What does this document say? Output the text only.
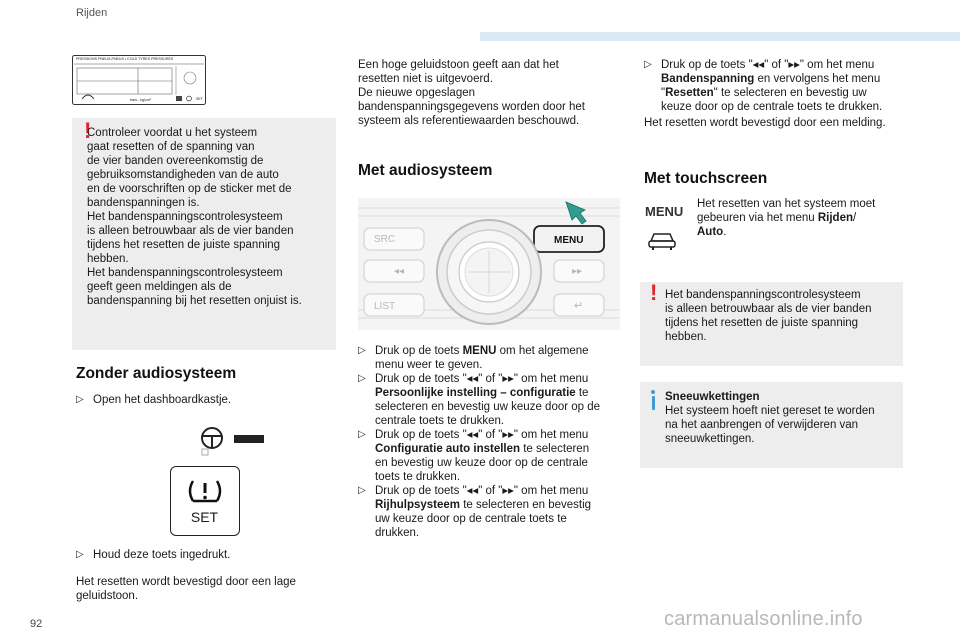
Rijden
92	carmanualsonline.info
PRESSIONS PNEUS-PNEUS • COLD TYRES PRESSURES
bars - kg/cm²	SET
!
Controleer voordat u het systeem
gaat resetten of de spanning van
de vier banden overeenkomstig de
gebruiksomstandigheden van de auto
en de voorschriften op de sticker met de
bandenspanningen is.
Het bandenspanningscontrolesysteem
is alleen betrouwbaar als de vier banden
tijdens het resetten de juiste spanning
hebben.
Het bandenspanningscontrolesysteem
geeft geen meldingen als de
bandenspanning bij het resetten onjuist is.
Zonder audiosysteem
▷ Open het dashboardkastje.
SET
▷ Houd deze toets ingedrukt.
Het resetten wordt bevestigd door een lage
geluidstoon.
Een hoge geluidstoon geeft aan dat het
resetten niet is uitgevoerd.
De nieuwe opgeslagen
bandenspanningsgegevens worden door het
systeem als referentiewaarden beschouwd.
Met audiosysteem
SRC	MENU
LIST
◂◂	▸▸
↵
▷ Druk op de toets MENU om het algemene
menu weer te geven.
▷ Druk op de toets "◂◂" of "▸▸" om het menu
Persoonlijke instelling – configuratie te
selecteren en bevestig uw keuze door op de
centrale toets te drukken.
▷ Druk op de toets "◂◂" of "▸▸" om het menu
Configuratie auto instellen te selecteren
en bevestig uw keuze door op de centrale
toets te drukken.
▷ Druk op de toets "◂◂" of "▸▸" om het menu
Rijhulpsysteem te selecteren en bevestig
uw keuze door op de centrale toets te
drukken.
▷ Druk op de toets "◂◂" of "▸▸" om het menu
Bandenspanning en vervolgens het menu
"Resetten" te selecteren en bevestig uw
keuze door op de centrale toets te drukken.
Het resetten wordt bevestigd door een melding.
Met touchscreen
MENU Het resetten van het systeem moet
gebeuren via het menu Rijden/
Auto.
! Het bandenspanningscontrolesysteem
is alleen betrouwbaar als de vier banden
tijdens het resetten de juiste spanning
hebben.
Sneeuwkettingen
Het systeem hoeft niet gereset te worden
na het aanbrengen of verwijderen van
sneeuwkettingen.
